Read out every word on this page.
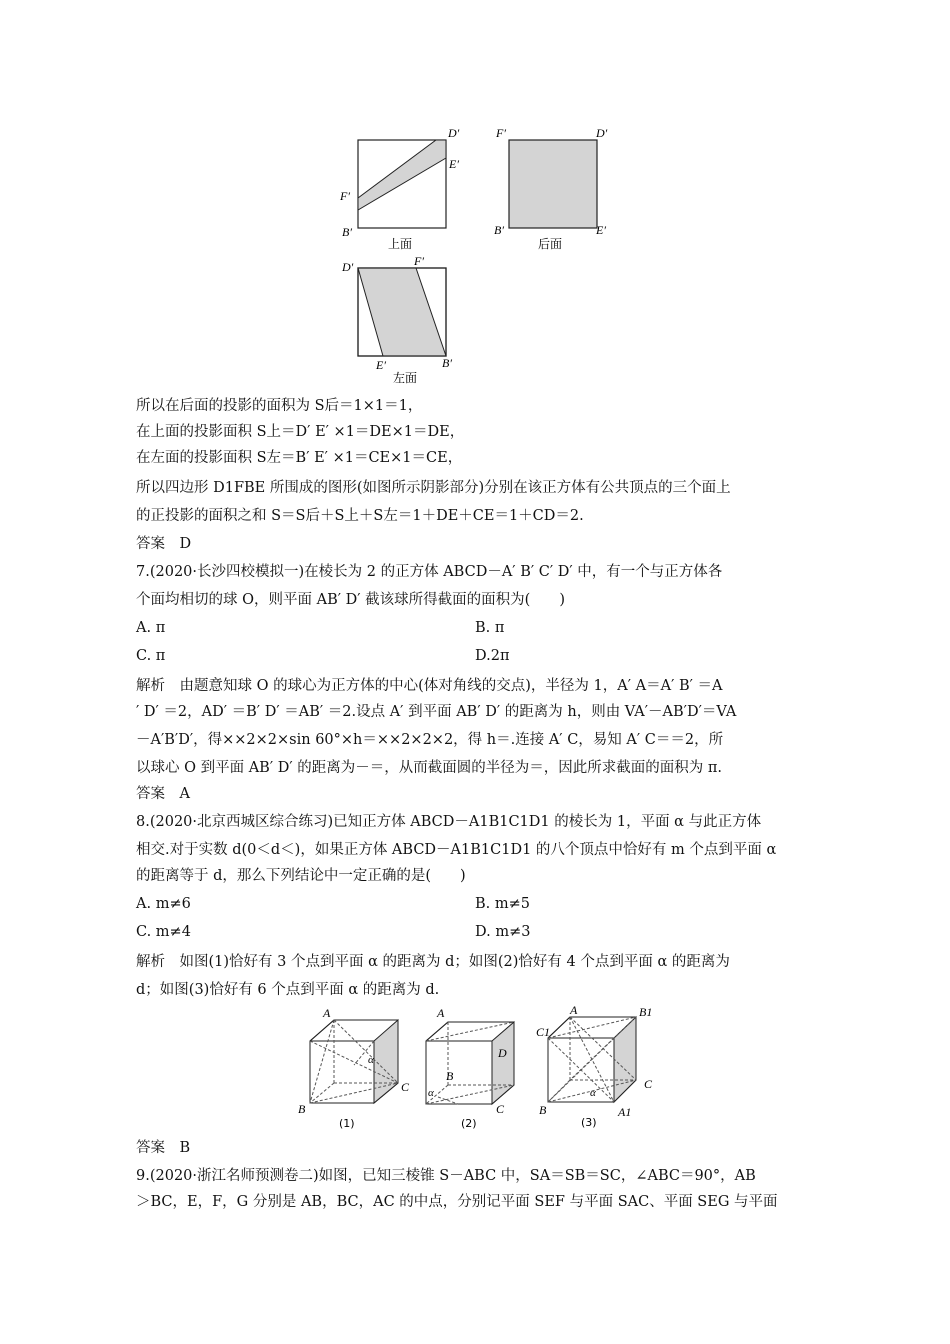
D′
E′
F′
B′
上面
F′	D′
B′	E′
后面
D′	F′
E′	B′
左面
所以在后面的投影的面积为 S后＝1×1＝1，
在上面的投影面积 S上＝D′ E′ ×1＝DE×1＝DE，
在左面的投影面积 S左＝B′ E′ ×1＝CE×1＝CE，
所以四边形 D1FBE 所围成的图形(如图所示阴影部分)分别在该正方体有公共顶点的三个面上
的正投影的面积之和 S＝S后＋S上＋S左＝1＋DE＋CE＝1＋CD＝2.
答案　D
7.(2020·长沙四校模拟一)在棱长为 2 的正方体 ABCD－A′ B′ C′ D′ 中，有一个与正方体各
个面均相切的球 O，则平面 AB′ D′ 截该球所得截面的面积为(　　)
A. π	B. π
C. π	D.2π
解析　由题意知球 O 的球心为正方体的中心(体对角线的交点)，半径为 1，A′ A＝A′ B′ ＝A
′ D′ ＝2，AD′ ＝B′ D′ ＝AB′ ＝2.设点 A′ 到平面 AB′ D′ 的距离为 h，则由 VA′－AB′D′＝VA
－A′B′D′，得××2×2×sin 60°×h＝××2×2×2，得 h＝.连接 A′ C，易知 A′ C＝＝2，所
以球心 O 到平面 AB′ D′ 的距离为－＝，从而截面圆的半径为＝，因此所求截面的面积为 π.
答案　A
8.(2020·北京西城区综合练习)已知正方体 ABCD－A1B1C1D1 的棱长为 1，平面 α 与此正方体
相交.对于实数 d(0＜d＜)，如果正方体 ABCD－A1B1C1D1 的八个顶点中恰好有 m 个点到平面 α
的距离等于 d，那么下列结论中一定正确的是(　　)
A. m≠6	B. m≠5
C. m≠4	D. m≠3
解析　如图(1)恰好有 3 个点到平面 α 的距离为 d；如图(2)恰好有 4 个点到平面 α 的距离为
d；如图(3)恰好有 6 个点到平面 α 的距离为 d.
A
B
C
α
(1)
A
D
B
C
α
(2)
A	B1
C1
C
B	A1
α
(3)
答案　B
9.(2020·浙江名师预测卷二)如图，已知三棱锥 S－ABC 中，SA＝SB＝SC，∠ABC＝90°，AB
＞BC，E，F，G 分别是 AB，BC，AC 的中点，分别记平面 SEF 与平面 SAC、平面 SEG 与平面
